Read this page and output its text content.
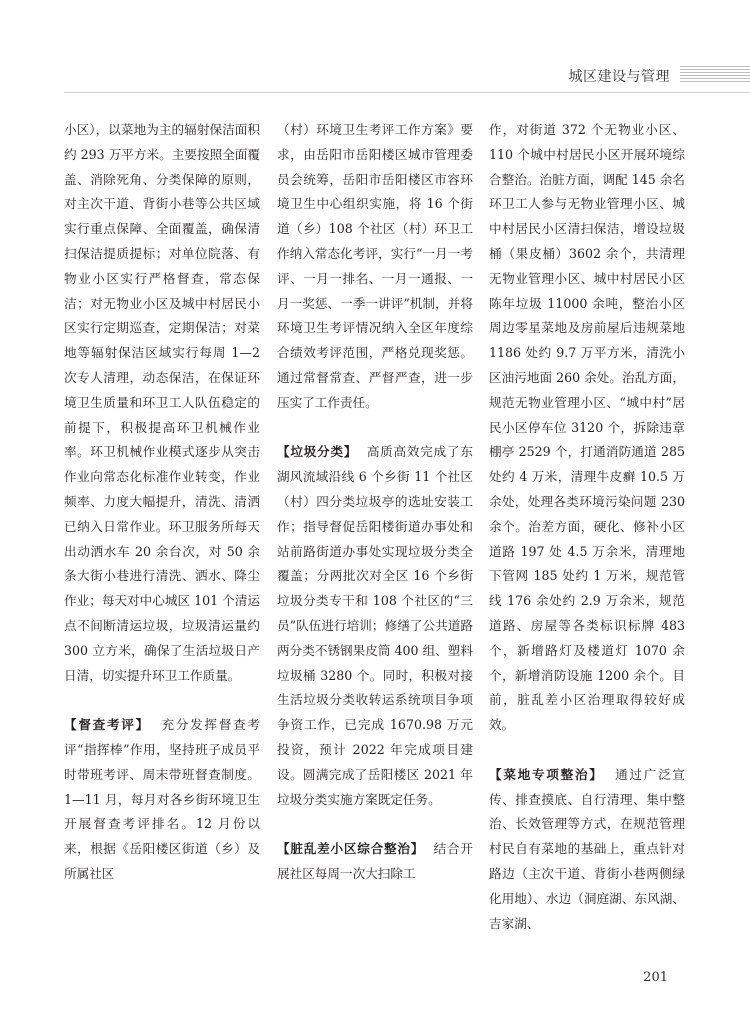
城区建设与管理

小区），以菜地为主的辐射保洁面积约 293 万平方米。主要按照全面覆盖、消除死角、分类保障的原则，对主次干道、背街小巷等公共区域实行重点保障、全面覆盖，确保清扫保洁提质提标；对单位院落、有物业小区实行严格督查，常态保洁；对无物业小区及城中村居民小区实行定期巡查，定期保洁；对菜地等辐射保洁区域实行每周 1—2 次专人清理，动态保洁，在保证环境卫生质量和环卫工人队伍稳定的前提下，积极提高环卫机械作业率。环卫机械作业模式逐步从突击作业向常态化标准作业转变，作业频率、力度大幅提升，清洗、清洒已纳入日常作业。环卫服务所每天出动洒水车 20 余台次，对 50 余条大街小巷进行清洗、洒水、降尘作业；每天对中心城区 101 个清运点不间断清运垃圾，垃圾清运量约 300 立方米，确保了生活垃圾日产日清，切实提升环卫工作质量。

【督查考评】 充分发挥督查考评“指挥棒”作用，坚持班子成员平时带班考评、周末带班督查制度。1—11 月，每月对各乡街环境卫生开展督查考评排名。12 月份以来，根据《岳阳楼区街道（乡）及所属社区

（村）环境卫生考评工作方案》要求，由岳阳市岳阳楼区城市管理委员会统筹，岳阳市岳阳楼区市容环境卫生中心组织实施，将 16 个街道（乡）108 个社区（村）环卫工作纳入常态化考评，实行“一月一考评、一月一排名、一月一通报、一月一奖惩、一季一讲评”机制，并将环境卫生考评情况纳入全区年度综合绩效考评范围，严格兑现奖惩。通过常督常查、严督严查，进一步压实了工作责任。

【垃圾分类】 高质高效完成了东湖风流域沿线 6 个乡街 11 个社区（村）四分类垃圾亭的选址安装工作；指导督促岳阳楼街道办事处和站前路街道办事处实现垃圾分类全覆盖；分两批次对全区 16 个乡街垃圾分类专干和 108 个社区的“三员”队伍进行培训；修缮了公共道路两分类不锈钢果皮筒 400 组、塑料垃圾桶 3280 个。同时，积极对接生活垃圾分类收转运系统项目争项争资工作，已完成 1670.98 万元投资，预计 2022 年完成项目建设。圆满完成了岳阳楼区 2021 年垃圾分类实施方案既定任务。

【脏乱差小区综合整治】 结合开展社区每周一次大扫除工

作，对街道 372 个无物业小区、110 个城中村居民小区开展环境综合整治。治脏方面，调配 145 余名环卫工人参与无物业管理小区、城中村居民小区清扫保洁，增设垃圾桶（果皮桶）3602 余个，共清理无物业管理小区、城中村居民小区陈年垃圾 11000 余吨，整治小区周边零星菜地及房前屋后违规菜地 1186 处约 9.7 万平方米，清洗小区油污地面 260 余处。治乱方面，规范无物业管理小区、“城中村”居民小区停车位 3120 个，拆除违章棚亭 2529 个，打通消防通道 285 处约 4 万米，清理牛皮癣 10.5 万余处，处理各类环境污染问题 230 余个。治差方面，硬化、修补小区道路 197 处 4.5 万余米，清理地下管网 185 处约 1 万米，规范管线 176 余处约 2.9 万余米，规范道路、房屋等各类标识标牌 483 个，新增路灯及楼道灯 1070 余个，新增消防设施 1200 余个。目前，脏乱差小区治理取得较好成效。

【菜地专项整治】 通过广泛宣传、排查摸底、自行清理、集中整治、长效管理等方式，在规范管理村民自有菜地的基础上，重点针对路边（主次干道、背街小巷两侧绿化用地）、水边（洞庭湖、东风湖、吉家湖、

201
